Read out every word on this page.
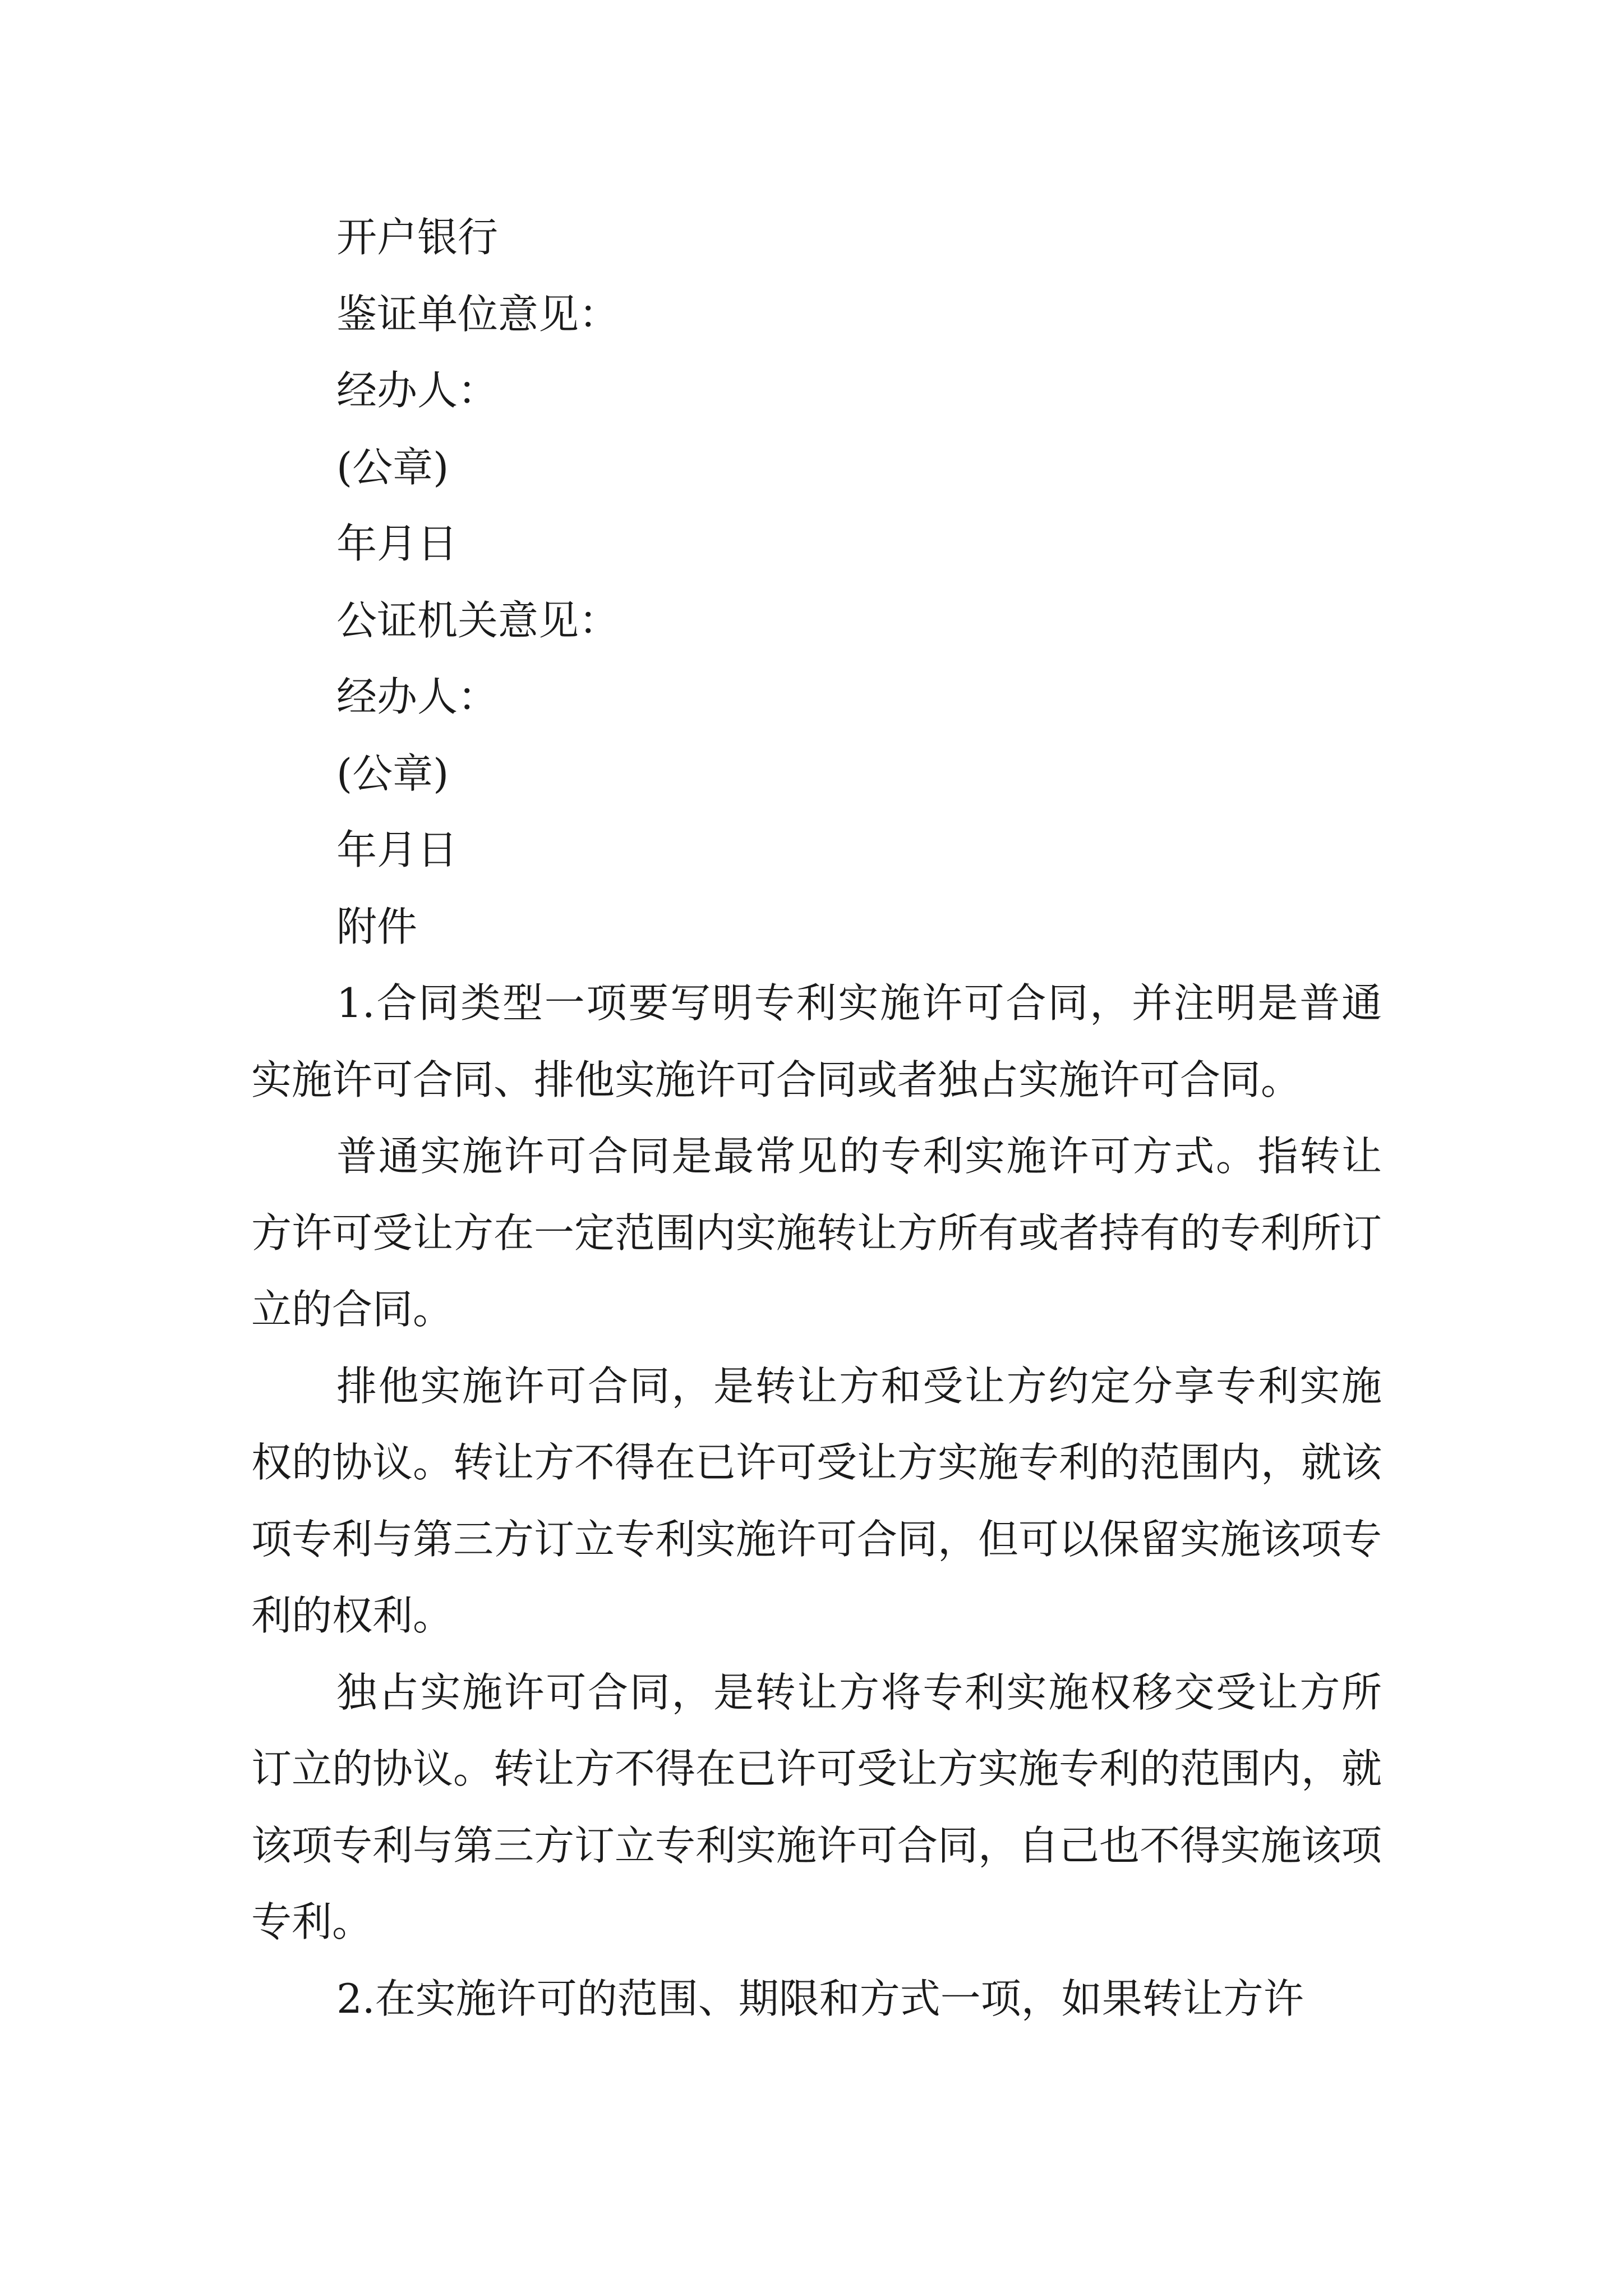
开户银行
鉴证单位意见：
经办人：
(公章)
年月日
公证机关意见：
经办人：
(公章)
年月日
附件

1.合同类型一项要写明专利实施许可合同，并注明是普通实施许可合同、排他实施许可合同或者独占实施许可合同。

普通实施许可合同是最常见的专利实施许可方式。指转让方许可受让方在一定范围内实施转让方所有或者持有的专利所订立的合同。

排他实施许可合同，是转让方和受让方约定分享专利实施权的协议。转让方不得在已许可受让方实施专利的范围内，就该项专利与第三方订立专利实施许可合同，但可以保留实施该项专利的权利。

独占实施许可合同，是转让方将专利实施权移交受让方所订立的协议。转让方不得在已许可受让方实施专利的范围内，就该项专利与第三方订立专利实施许可合同，自己也不得实施该项专利。

2.在实施许可的范围、期限和方式一项，如果转让方许
